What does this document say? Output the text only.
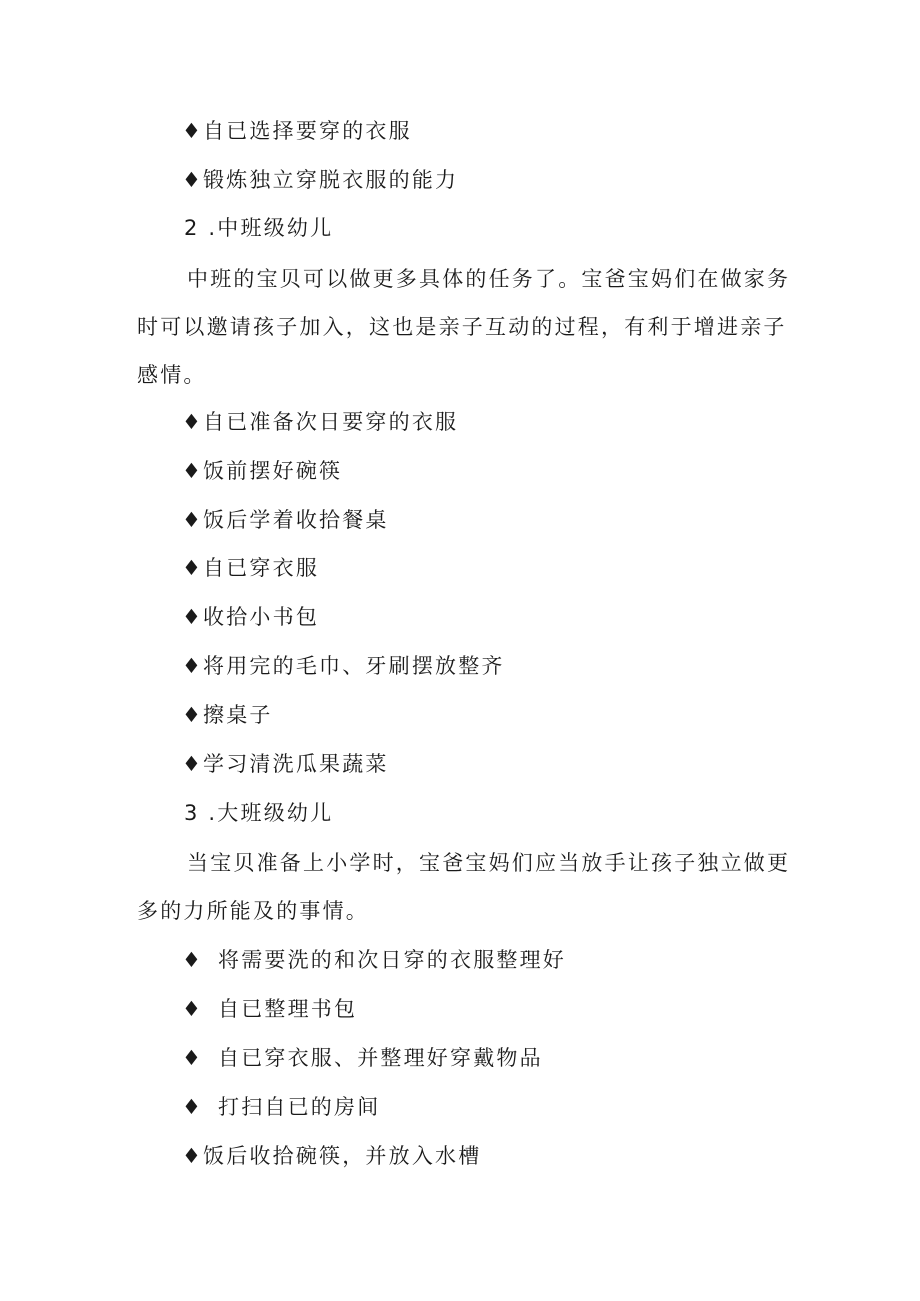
♦自已选择要穿的衣服
♦锻炼独立穿脱衣服的能力
2 .中班级幼儿
中班的宝贝可以做更多具体的任务了。宝爸宝妈们在做家务时可以邀请孩子加入，这也是亲子互动的过程，有利于增进亲子感情。
♦自已准备次日要穿的衣服
♦饭前摆好碗筷
♦饭后学着收拾餐桌
♦自已穿衣服
♦收拾小书包
♦将用完的毛巾、牙刷摆放整齐
♦擦桌子
♦学习清洗瓜果蔬菜
3 .大班级幼儿
当宝贝准备上小学时，宝爸宝妈们应当放手让孩子独立做更多的力所能及的事情。
♦ 将需要洗的和次日穿的衣服整理好
♦ 自已整理书包
♦ 自已穿衣服、并整理好穿戴物品
♦ 打扫自已的房间
♦饭后收拾碗筷，并放入水槽
